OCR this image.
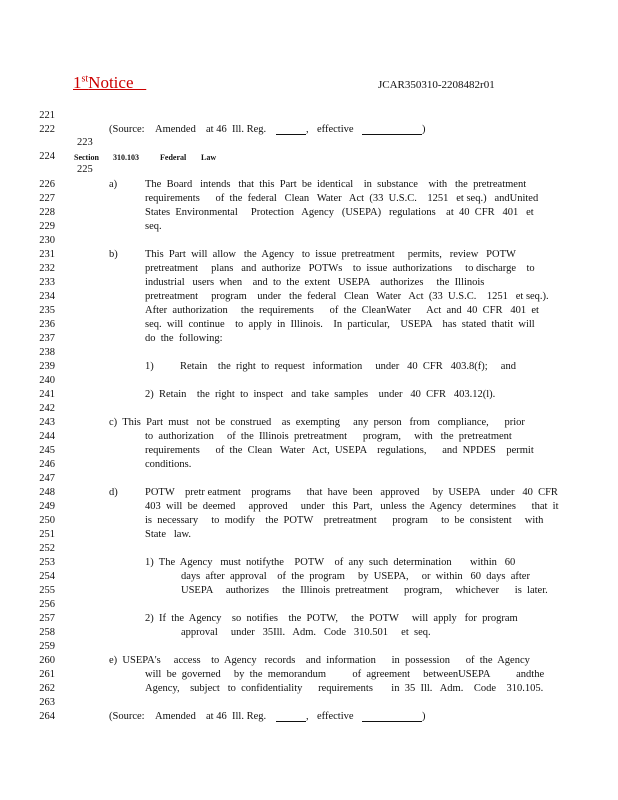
1stNotice	JCAR350310-2208482r01
221
222
224
226
227
228
229
230
231
232
233
234
235
236
237
238
239
240
241
242
243
244
245
246
247
248
249
250
251
252
253
254
255
256
257
258
259
260
261
262
263
264
223
225
(Source: Amended at 46 Ill. Reg.	, effective	)
Section 310.103	Federal Law
a)	The  Board   intends   that  this  Part  be  identical    in  substance    with   the  pretreatment
requirements      of  the  federal   Clean   Water   Act  (33  U.S.C.    1251   et seq.)   andUnited
States  Environmental     Protection   Agency   (USEPA)   regulations    at  40  CFR   401   et
seq.
b)	This  Part  will  allow   the  Agency   to  issue  pretreatment     permits,   review   POTW
pretreatment     plans   and  authorize   POTWs    to  issue  authorizations     to discharge    to
industrial   users  when    and  to  the  extent   USEPA    authorizes     the  Illinois
pretreatment     program    under   the  federal   Clean   Water   Act  (33  U.S.C.    1251   et seq.).
After  authorization     the  requirements      of  the  CleanWater      Act  and  40  CFR   401  et
seq.  will  continue    to  apply  in  Illinois.    In  particular,    USEPA    has  stated  thatit  will
do  the  following:
1)          Retain    the  right  to  request   information     under   40  CFR   403.8(f);     and
2)  Retain    the  right  to  inspect   and  take  samples    under   40  CFR   403.12(l).
c)  This  Part  must   not  be  construed    as  exempting     any  person   from   compliance,      prior
to  authorization     of  the  Illinois  pretreatment      program,     with   the  pretreatment
requirements      of  the  Clean   Water   Act,  USEPA    regulations,      and  NPDES    permit
conditions.
d)	POTW    pretr eatment    programs      that  have  been   approved     by  USEPA    under   40  CFR
403  will  be  deemed     approved     under   this  Part,   unless  the  Agency   determines      that  it
is  necessary     to  modify    the  POTW    pretreatment      program     to  be  consistent     with
State   law.
1)  The  Agency   must  notifythe    POTW    of  any  such  determination       within   60
days  after  approval    of  the  program     by  USEPA,     or  within   60  days  after
USEPA     authorizes     the  Illinois  pretreatment      program,     whichever      is  later.
2)  If  the  Agency    so  notifies    the  POTW,     the  POTW     will  apply   for  program
approval     under   35Ill.   Adm.   Code   310.501     et  seq.
e)  USEPA's     access    to  Agency   records    and  information      in  possession      of  the  Agency
will  be  governed     by  the  memorandum          of  agreement     betweenUSEPA          andthe
Agency,    subject   to  confidentiality      requirements       in  35  Ill.   Adm.    Code    310.105.
(Source: Amended at 46 Ill. Reg.	, effective	)
